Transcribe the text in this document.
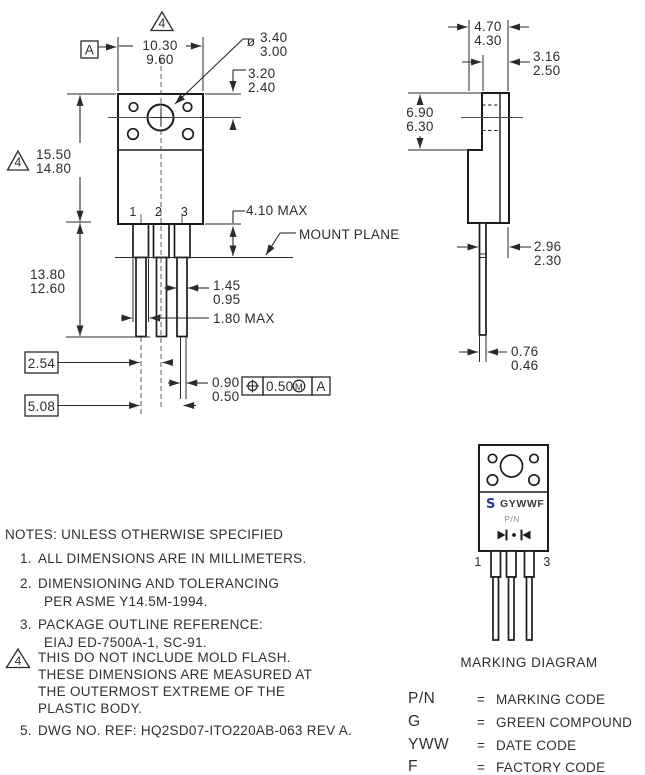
4
10.30
9.60
A
ø 3.40
3.00
3.20
2.40
4
15.50
14.80
13.80
12.60
4.10 MAX
MOUNT PLANE
1 2 3
1.45
0.95
1.80 MAX
0.90
0.50
2.54
5.08
0.50 M A
4.70
4.30
3.16
2.50
6.90
6.30
2.96
2.30
0.76
0.46
S GYWWF
P/N
1	3
MARKING DIAGRAM
NOTES: UNLESS OTHERWISE SPECIFIED
1. ALL DIMENSIONS ARE IN MILLIMETERS.
2. DIMENSIONING AND TOLERANCING
PER ASME Y14.5M-1994.
3. PACKAGE OUTLINE REFERENCE:
EIAJ ED-7500A-1, SC-91.
4 THIS DO NOT INCLUDE MOLD FLASH.
THESE DIMENSIONS ARE MEASURED AT
THE OUTERMOST EXTREME OF THE
PLASTIC BODY.
5. DWG NO. REF: HQ2SD07-ITO220AB-063 REV A.
P/N	= MARKING CODE
G	= GREEN COMPOUND
YWW = DATE CODE
F	= FACTORY CODE
